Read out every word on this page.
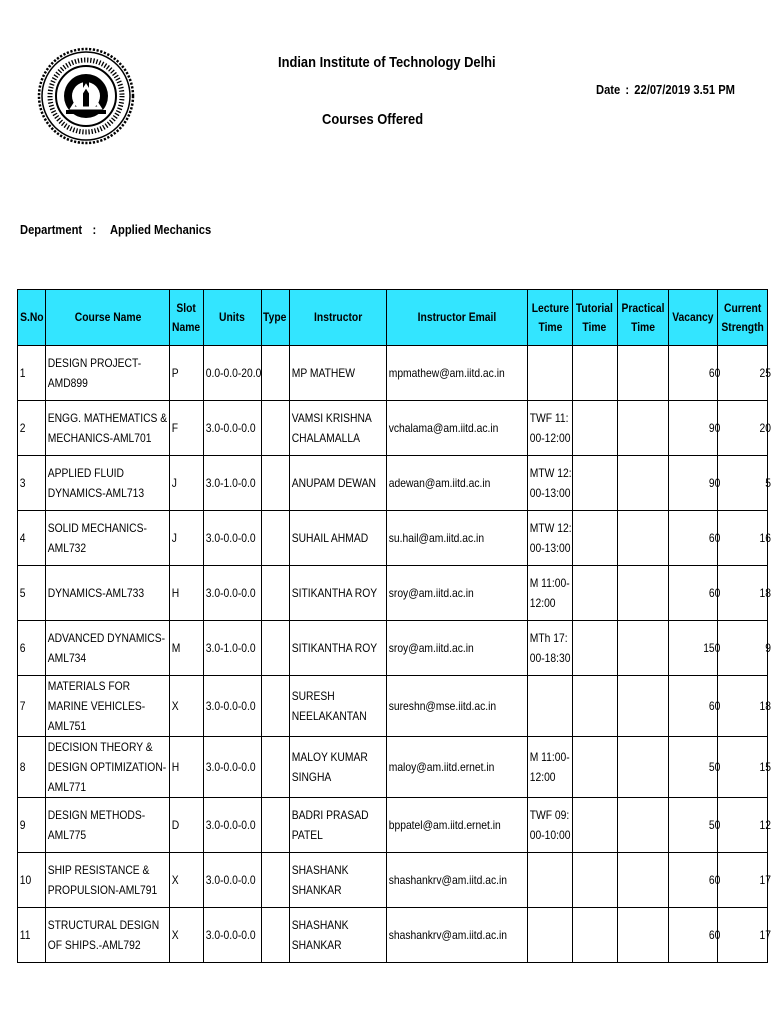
Indian Institute of Technology Delhi
Courses Offered
Date : 22/07/2019 3.51 PM
Department : Applied Mechanics
S.No	Course Name	Slot Name	Units	Type	Instructor	Instructor Email	Lecture Time	Tutorial Time	Practical Time	Vacancy	Current Strength

1	DESIGN PROJECT-AMD899	P	0.0-0.0-20.0		MP MATHEW	mpmathew@am.iitd.ac.in				60	25

2	ENGG. MATHEMATICS & MECHANICS-AML701	F	3.0-0.0-0.0		VAMSI KRISHNA CHALAMALLA	vchalama@am.iitd.ac.in	TWF 11: 00-12:00			90	20

3	APPLIED FLUID DYNAMICS-AML713	J	3.0-1.0-0.0		ANUPAM DEWAN	adewan@am.iitd.ac.in	MTW 12: 00-13:00			90	5

4	SOLID MECHANICS-AML732	J	3.0-0.0-0.0		SUHAIL AHMAD	su.hail@am.iitd.ac.in	MTW 12: 00-13:00			60	16

5	DYNAMICS-AML733	H	3.0-0.0-0.0		SITIKANTHA ROY	sroy@am.iitd.ac.in	M 11:00-12:00			60	18

6	ADVANCED DYNAMICS-AML734	M	3.0-1.0-0.0		SITIKANTHA ROY	sroy@am.iitd.ac.in	MTh 17: 00-18:30			150	9

7	MATERIALS FOR MARINE VEHICLES-AML751	X	3.0-0.0-0.0		SURESH NEELAKANTAN	sureshn@mse.iitd.ac.in				60	18

8	DECISION THEORY & DESIGN OPTIMIZATION-AML771	H	3.0-0.0-0.0		MALOY KUMAR SINGHA	maloy@am.iitd.ernet.in	M 11:00-12:00			50	15

9	DESIGN METHODS-AML775	D	3.0-0.0-0.0		BADRI PRASAD PATEL	bppatel@am.iitd.ernet.in	TWF 09: 00-10:00			50	12

10	SHIP RESISTANCE & PROPULSION-AML791	X	3.0-0.0-0.0		SHASHANK SHANKAR	shashankrv@am.iitd.ac.in				60	17

11	STRUCTURAL DESIGN OF SHIPS.-AML792	X	3.0-0.0-0.0		SHASHANK SHANKAR	shashankrv@am.iitd.ac.in				60	17
